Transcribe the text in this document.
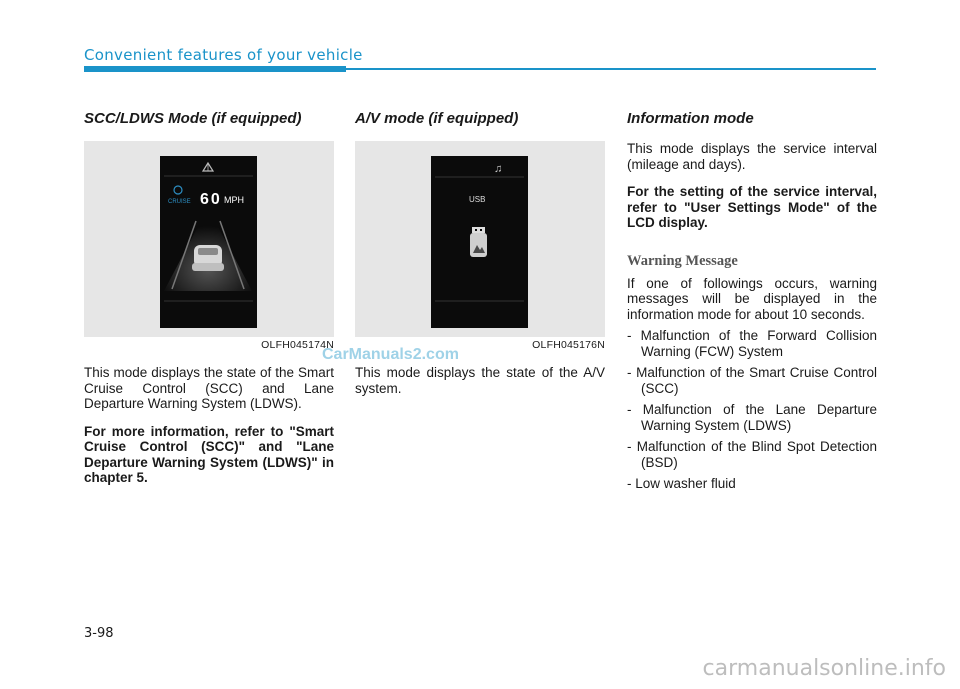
Convenient features of your vehicle
SCC/LDWS Mode (if equipped)
CRUISE 60 MPH
OLFH045174N

This mode displays the state of the Smart Cruise Control (SCC) and Lane Departure Warning System (LDWS).

For more information, refer to "Smart Cruise Control (SCC)" and "Lane Departure Warning System (LDWS)" in chapter 5.

A/V mode (if equipped)
♫
USB
OLFH045176N

This mode displays the state of the A/V system.

Information mode

This mode displays the service interval (mileage and days).

For the setting of the service interval, refer to "User Settings Mode" of the LCD display.

Warning Message

If one of followings occurs, warning messages will be displayed in the information mode for about 10 seconds.

- Malfunction of the Forward Collision Warning (FCW) System
- Malfunction of the Smart Cruise Control (SCC)
- Malfunction of the Lane Departure Warning System (LDWS)
- Malfunction of the Blind Spot Detection (BSD)
- Low washer fluid
CarManuals2.com
3-98
carmanualsonline.info
